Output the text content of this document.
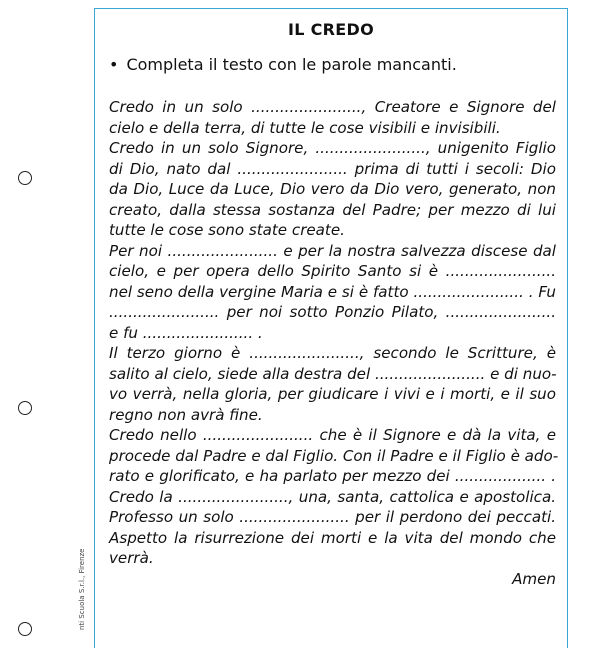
nti Scuola S.r.l., Firenze
IL CREDO
• Completa il testo con le parole mancanti.
Credo in un solo ......................., Creatore e Signore del
cielo e della terra, di tutte le cose visibili e invisibili.
Credo in un solo Signore, ......................., unigenito Figlio
di Dio, nato dal ....................... prima di tutti i secoli: Dio
da Dio, Luce da Luce, Dio vero da Dio vero, generato, non
creato, dalla stessa sostanza del Padre; per mezzo di lui
tutte le cose sono state create.
Per noi ....................... e per la nostra salvezza discese dal
cielo, e per opera dello Spirito Santo si è .......................
nel seno della vergine Maria e si è fatto ....................... . Fu
....................... per noi sotto Ponzio Pilato, .......................
e fu ....................... .
Il terzo giorno è ......................., secondo le Scritture, è
salito al cielo, siede alla destra del ....................... e di nuo-
vo verrà, nella gloria, per giudicare i vivi e i morti, e il suo
regno non avrà fine.
Credo nello ....................... che è il Signore e dà la vita, e
procede dal Padre e dal Figlio. Con il Padre e il Figlio è ado-
rato e glorificato, e ha parlato per mezzo dei ................... .
Credo la ......................., una, santa, cattolica e apostolica.
Professo un solo ....................... per il perdono dei peccati.
Aspetto la risurrezione dei morti e la vita del mondo che
verrà.
Amen
